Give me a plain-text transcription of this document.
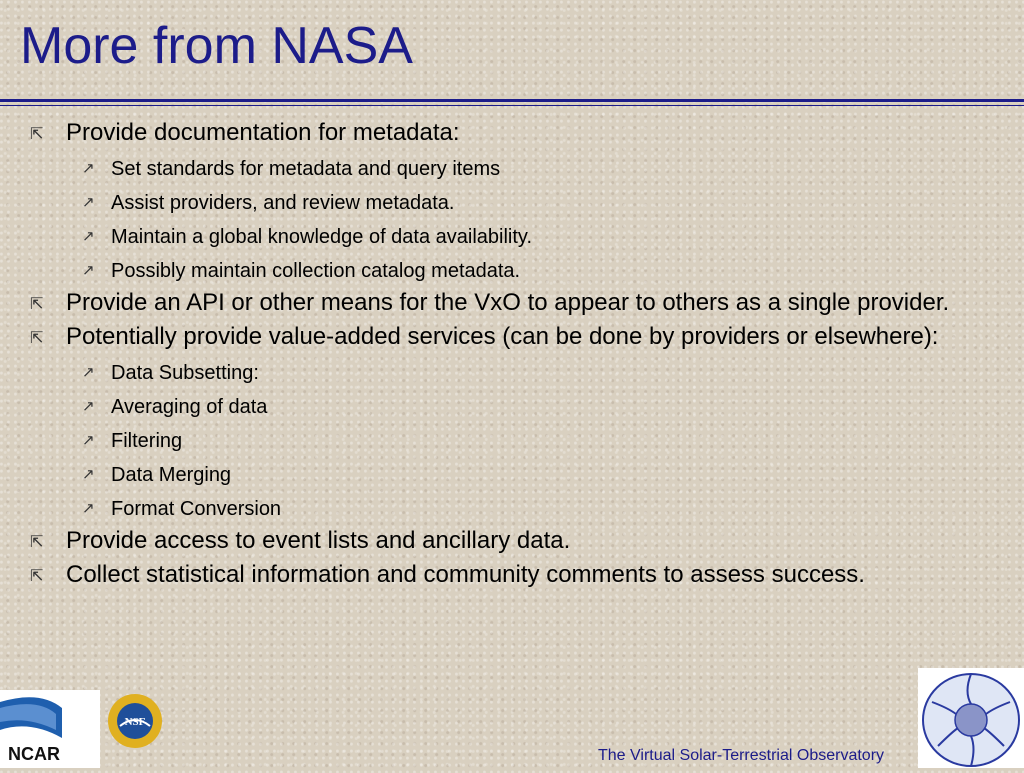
More from NASA
⇱ Provide documentation for metadata:
↗ Set standards for metadata and query items
↗ Assist providers, and review metadata.
↗ Maintain a global knowledge of data availability.
↗ Possibly maintain collection catalog metadata.
⇱ Provide an API or other means for the VxO to appear to others as a single provider.
⇱ Potentially provide value-added services (can be done by providers or elsewhere):
↗ Data Subsetting:
↗ Averaging of data
↗ Filtering
↗ Data Merging
↗ Format Conversion
⇱ Provide access to event lists and ancillary data.
⇱ Collect statistical information and community comments to assess success.
NCAR
NSF
The Virtual Solar-Terrestrial Observatory
